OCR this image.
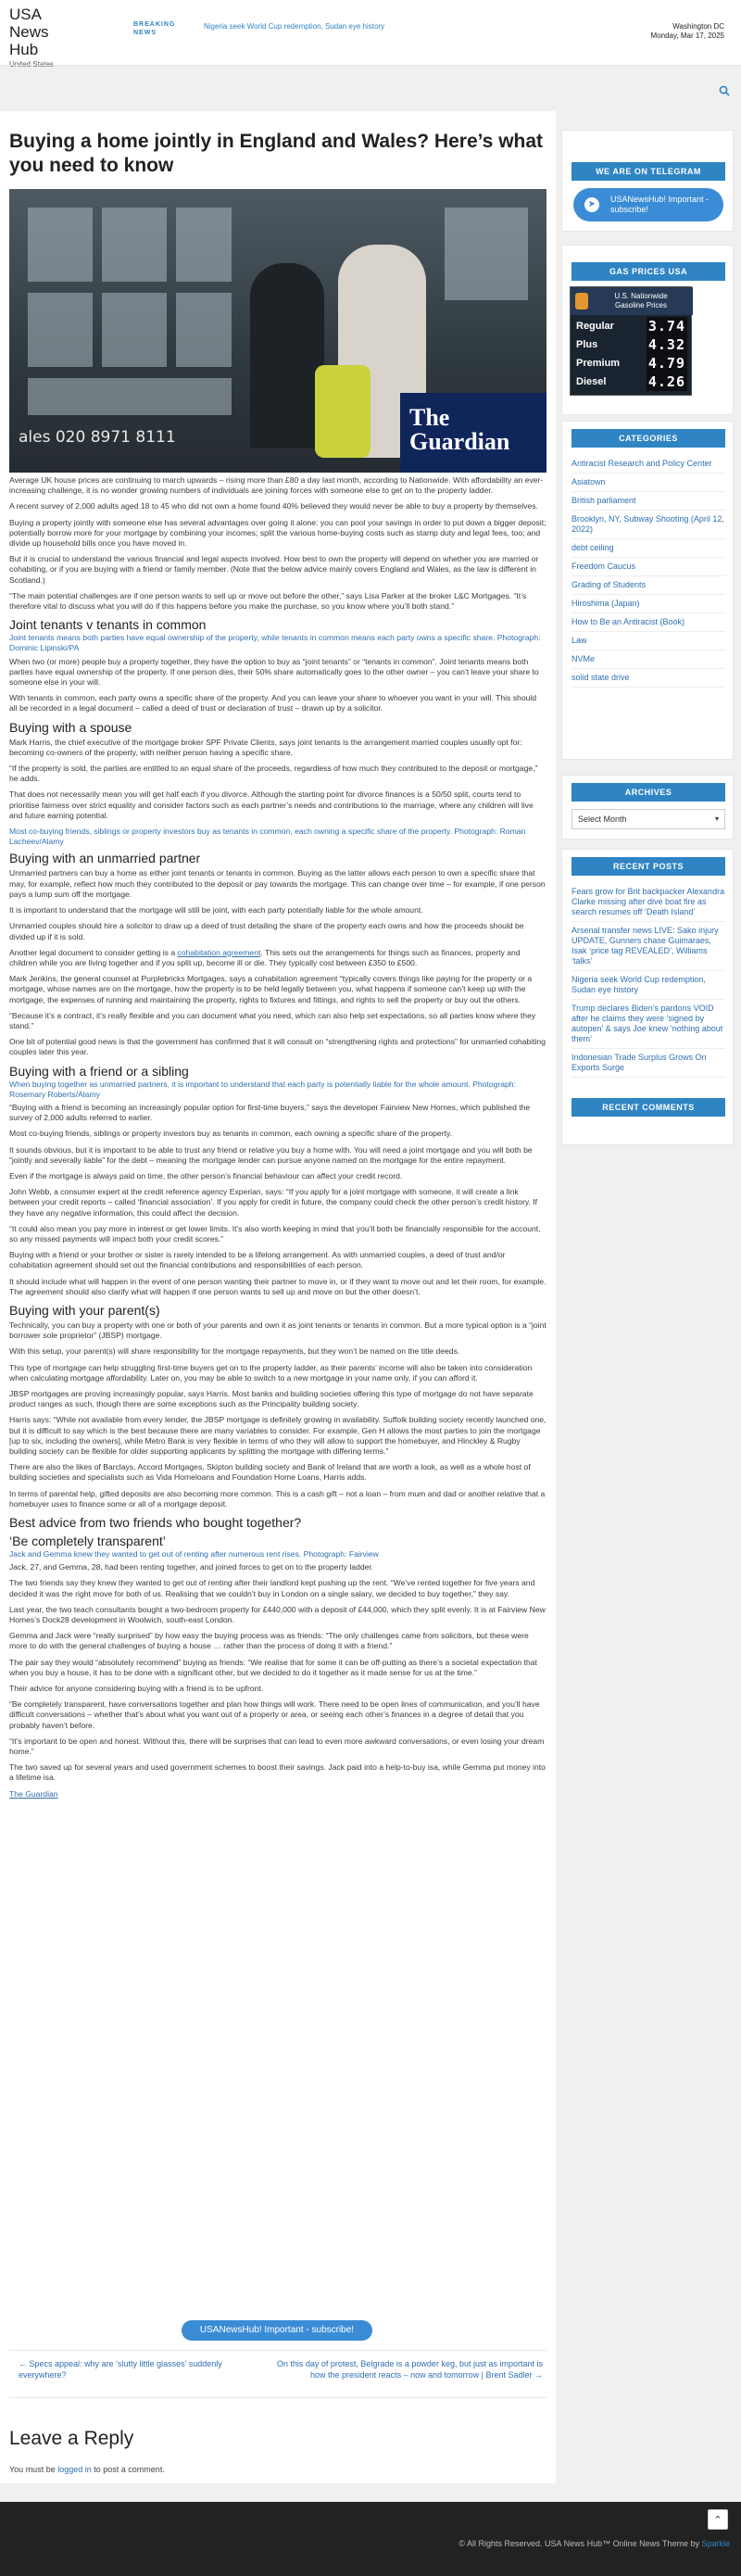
USA News
Hub
BREAKING
NEWS
Nigeria seek World Cup redemption, Sudan eye history	Washington DC
Monday, Mar 17, 2025
Buying a home jointly in England and Wales? Here’s what you need to know
ales 020 8971 8111
The
Guardian

Average UK house prices are continuing to march upwards – rising more than £80 a day last month, according to Nationwide. With affordability an ever-increasing challenge, it is no wonder growing numbers of individuals are joining forces with someone else to get on to the property ladder.

A recent survey of 2,000 adults aged 18 to 45 who did not own a home found 40% believed they would never be able to buy a property by themselves.

Buying a property jointly with someone else has several advantages over going it alone: you can pool your savings in order to put down a bigger deposit; potentially borrow more for your mortgage by combining your incomes; split the various home-buying costs such as stamp duty and legal fees, too; and divide up household bills once you have moved in.

But it is crucial to understand the various financial and legal aspects involved. How best to own the property will depend on whether you are married or cohabiting, or if you are buying with a friend or family member. (Note that the below advice mainly covers England and Wales, as the law is different in Scotland.)

“The main potential challenges are if one person wants to sell up or move out before the other,” says Lisa Parker at the broker L&C Mortgages. “It’s therefore vital to discuss what you will do if this happens before you make the purchase, so you know where you’ll both stand.”

Joint tenants v tenants in common

Joint tenants means both parties have equal ownership of the property, while tenants in common means each party owns a specific share. Photograph: Dominic Lipinski/PA

When two (or more) people buy a property together, they have the option to buy as “joint tenants” or “tenants in common”. Joint tenants means both parties have equal ownership of the property. If one person dies, their 50% share automatically goes to the other owner – you can’t leave your share to someone else in your will.

With tenants in common, each party owns a specific share of the property. And you can leave your share to whoever you want in your will. This should all be recorded in a legal document – called a deed of trust or declaration of trust – drawn up by a solicitor.

Buying with a spouse

Mark Harris, the chief executive of the mortgage broker SPF Private Clients, says joint tenants is the arrangement married couples usually opt for: becoming co-owners of the property, with neither person having a specific share.

“If the property is sold, the parties are entitled to an equal share of the proceeds, regardless of how much they contributed to the deposit or mortgage,” he adds.

That does not necessarily mean you will get half each if you divorce. Although the starting point for divorce finances is a 50/50 split, courts tend to prioritise fairness over strict equality and consider factors such as each partner’s needs and contributions to the marriage, where any children will live and future earning potential.

Most co-buying friends, siblings or property investors buy as tenants in common, each owning a specific share of the property. Photograph: Roman Lacheev/Alamy

Buying with an unmarried partner

Unmarried partners can buy a home as either joint tenants or tenants in common. Buying as the latter allows each person to own a specific share that may, for example, reflect how much they contributed to the deposit or pay towards the mortgage. This can change over time – for example, if one person pays a lump sum off the mortgage.

It is important to understand that the mortgage will still be joint, with each party potentially liable for the whole amount.

Unmarried couples should hire a solicitor to draw up a deed of trust detailing the share of the property each owns and how the proceeds should be divided up if it is sold.

Another legal document to consider getting is a cohabitation agreement. This sets out the arrangements for things such as finances, property and children while you are living together and if you split up, become ill or die. They typically cost between £350 to £500.

Mark Jenkins, the general counsel at Purplebricks Mortgages, says a cohabitation agreement “typically covers things like paying for the property or a mortgage, whose names are on the mortgage, how the property is to be held legally between you, what happens if someone can’t keep up with the mortgage, the expenses of running and maintaining the property, rights to fixtures and fittings, and rights to sell the property or buy out the others.

“Because it’s a contract, it’s really flexible and you can document what you need, which can also help set expectations, so all parties know where they stand.”

One bit of potential good news is that the government has confirmed that it will consult on “strengthening rights and protections” for unmarried cohabiting couples later this year.

Buying with a friend or a sibling

When buying together as unmarried partners, it is important to understand that each party is potentially liable for the whole amount. Photograph: Rosemary Roberts/Alamy

“Buying with a friend is becoming an increasingly popular option for first-time buyers,” says the developer Fairview New Homes, which published the survey of 2,000 adults referred to earlier.

Most co-buying friends, siblings or property investors buy as tenants in common, each owning a specific share of the property.

It sounds obvious, but it is important to be able to trust any friend or relative you buy a home with. You will need a joint mortgage and you will both be “jointly and severally liable” for the debt – meaning the mortgage lender can pursue anyone named on the mortgage for the entire repayment.

Even if the mortgage is always paid on time, the other person’s financial behaviour can affect your credit record.

John Webb, a consumer expert at the credit reference agency Experian, says: “If you apply for a joint mortgage with someone, it will create a link between your credit reports – called ‘financial association’. If you apply for credit in future, the company could check the other person’s credit history. If they have any negative information, this could affect the decision.

“It could also mean you pay more in interest or get lower limits. It’s also worth keeping in mind that you’ll both be financially responsible for the account, so any missed payments will impact both your credit scores.”

Buying with a friend or your brother or sister is rarely intended to be a lifelong arrangement. As with unmarried couples, a deed of trust and/or cohabitation agreement should set out the financial contributions and responsibilities of each person.

It should include what will happen in the event of one person wanting their partner to move in, or if they want to move out and let their room, for example. The agreement should also clarify what will happen if one person wants to sell up and move on but the other doesn’t.

Buying with your parent(s)

Technically, you can buy a property with one or both of your parents and own it as joint tenants or tenants in common. But a more typical option is a “joint borrower sole proprietor” (JBSP) mortgage.

With this setup, your parent(s) will share responsibility for the mortgage repayments, but they won’t be named on the title deeds.

This type of mortgage can help struggling first-time buyers get on to the property ladder, as their parents’ income will also be taken into consideration when calculating mortgage affordability. Later on, you may be able to switch to a new mortgage in your name only, if you can afford it.

JBSP mortgages are proving increasingly popular, says Harris. Most banks and building societies offering this type of mortgage do not have separate product ranges as such, though there are some exceptions such as the Principality building society.

Harris says: “While not available from every lender, the JBSP mortgage is definitely growing in availability. Suffolk building society recently launched one, but it is difficult to say which is the best because there are many variables to consider. For example, Gen H allows the most parties to join the mortgage [up to six, including the owners], while Metro Bank is very flexible in terms of who they will allow to support the homebuyer, and Hinckley & Rugby building society can be flexible for older supporting applicants by splitting the mortgage with differing terms.”

There are also the likes of Barclays, Accord Mortgages, Skipton building society and Bank of Ireland that are worth a look, as well as a whole host of building societies and specialists such as Vida Homeloans and Foundation Home Loans, Harris adds.

In terms of parental help, gifted deposits are also becoming more common. This is a cash gift – not a loan – from mum and dad or another relative that a homebuyer uses to finance some or all of a mortgage deposit.

Best advice from two friends who bought together?
‘Be completely transparent’

Jack and Gemma knew they wanted to get out of renting after numerous rent rises. Photograph: Fairview

Jack, 27, and Gemma, 28, had been renting together, and joined forces to get on to the property ladder.

The two friends say they knew they wanted to get out of renting after their landlord kept pushing up the rent. “We’ve rented together for five years and decided it was the right move for both of us. Realising that we couldn’t buy in London on a single salary, we decided to buy together,” they say.

Last year, the two teach consultants bought a two-bedroom property for £440,000 with a deposit of £44,000, which they split evenly. It is at Fairview New Homes’s Dock28 development in Woolwich, south-east London.

Gemma and Jack were “really surprised” by how easy the buying process was as friends: “The only challenges came from solicitors, but these were more to do with the general challenges of buying a house … rather than the process of doing it with a friend.”

The pair say they would “absolutely recommend” buying as friends: “We realise that for some it can be off-putting as there’s a societal expectation that when you buy a house, it has to be done with a significant other, but we decided to do it together as it made sense for us at the time.”

Their advice for anyone considering buying with a friend is to be upfront.

“Be completely transparent, have conversations together and plan how things will work. There need to be open lines of communication, and you’ll have difficult conversations – whether that’s about what you want out of a property or area, or seeing each other’s finances in a degree of detail that you probably haven’t before.

“It’s important to be open and honest. Without this, there will be surprises that can lead to even more awkward conversations, or even losing your dream home.”

The two saved up for several years and used government schemes to boost their savings. Jack paid into a help-to-buy isa, while Gemma put money into a lifetime isa.

The Guardian

USANewsHub! Important - subscribe!
← Specs appeal: why are ‘slutty little glasses’ suddenly everywhere?
On this day of protest, Belgrade is a powder keg, but just as important is how the president reacts – now and tomorrow | Brent Sadler →
Leave a Reply
You must be logged in to post a comment.
WE ARE ON TELEGRAM
➤	USANewsHub! Important - subscribe!
GAS PRICES USA
U.S. Nationwide
Gasoline Prices
Regular 3.74
Plus	4.32
Premium 4.79
Diesel	4.26
CATEGORIES
Antiracist Research and Policy Center
Asiatown
British parliament
Brooklyn, NY, Subway Shooting (April 12, 2022)
debt ceiling
Freedom Caucus
Grading of Students
Hiroshima (Japan)
How to Be an Antiracist (Book)
Law
NVMe
solid state drive
ARCHIVES
Select Month	▾
RECENT POSTS
Fears grow for Brit backpacker Alexandra Clarke missing after dive boat fire as search resumes off ‘Death Island’
Arsenal transfer news LIVE: Sako injury UPDATE, Gunners chase Guimaraes, Isak ‘price tag REVEALED’, Williams ‘talks’
Nigeria seek World Cup redemption, Sudan eye history
Trump declares Biden’s pardons VOID after he claims they were ‘signed by autopen’ & says Joe knew ‘nothing about them’
Indonesian Trade Surplus Grows On Exports Surge
RECENT COMMENTS
© All Rights Reserved. USA News Hub™ Online News Theme by Sparkle
⌃
